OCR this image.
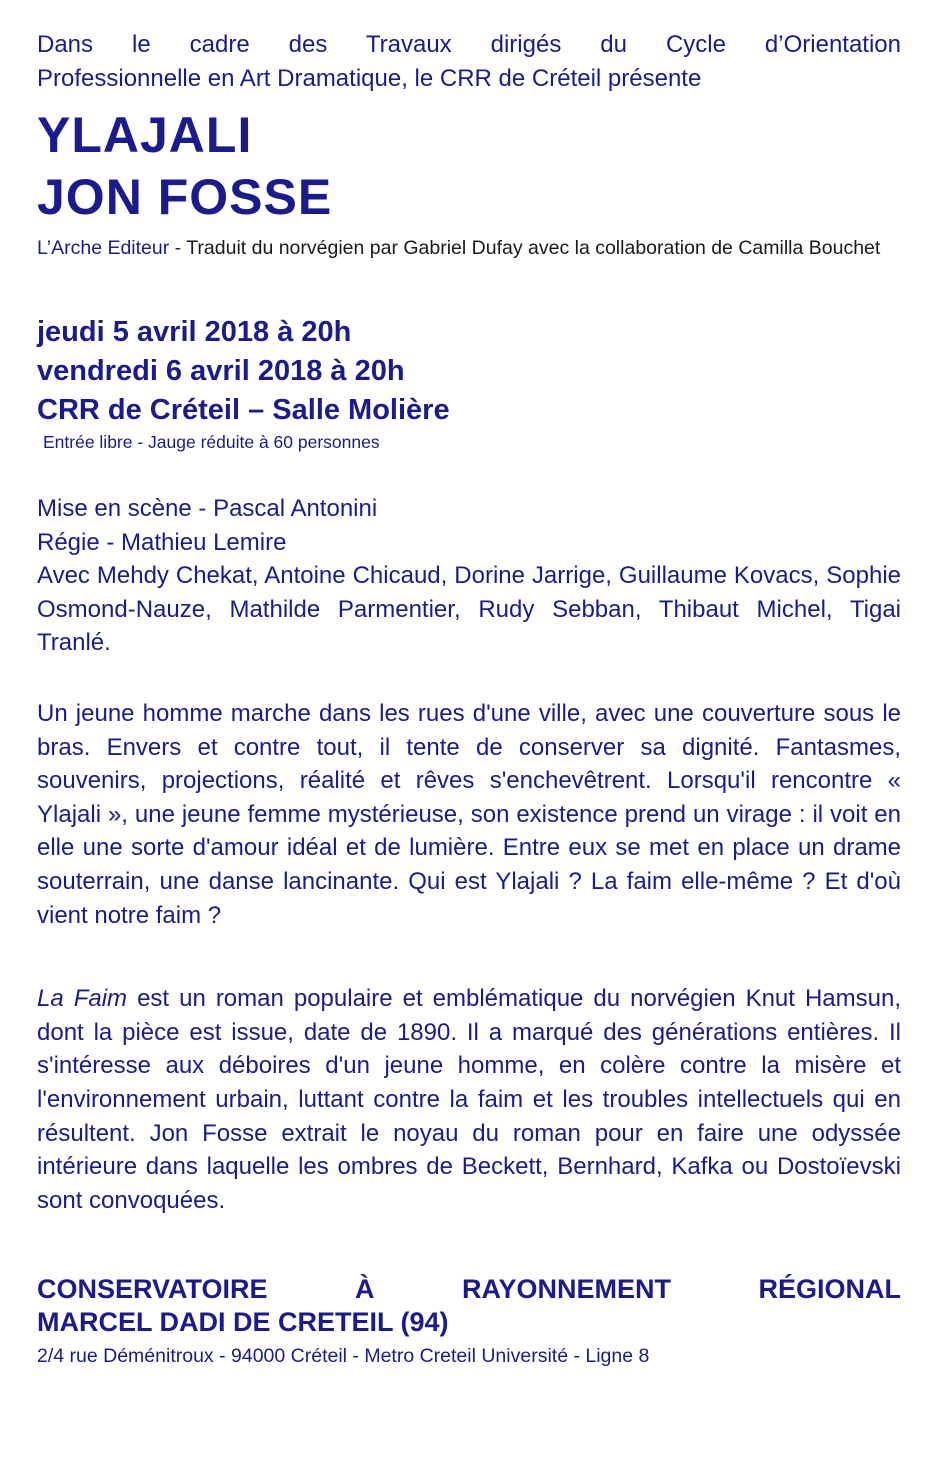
Dans le cadre des Travaux dirigés du Cycle d’Orientation
Professionnelle en Art Dramatique, le CRR de Créteil présente

YLAJALI
JON FOSSE

L’Arche Editeur - Traduit du norvégien par Gabriel Dufay avec la collaboration de Camilla Bouchet

jeudi 5 avril 2018 à 20h
vendredi 6 avril 2018 à 20h
CRR de Créteil – Salle Molière

Entrée libre - Jauge réduite à 60 personnes

Mise en scène - Pascal Antonini
Régie - Mathieu Lemire
Avec Mehdy Chekat, Antoine Chicaud, Dorine Jarrige, Guillaume Kovacs, Sophie Osmond-Nauze, Mathilde Parmentier, Rudy Sebban, Thibaut Michel, Tigai Tranlé.

Un jeune homme marche dans les rues d'une ville, avec une couverture sous le bras. Envers et contre tout, il tente de conserver sa dignité. Fantasmes, souvenirs, projections, réalité et rêves s'enchevêtrent. Lorsqu'il rencontre « Ylajali », une jeune femme mystérieuse, son existence prend un virage : il voit en elle une sorte d'amour idéal et de lumière. Entre eux se met en place un drame souterrain, une danse lancinante. Qui est Ylajali ? La faim elle-même ? Et d'où vient notre faim ?

La Faim est un roman populaire et emblématique du norvégien Knut Hamsun, dont la pièce est issue, date de 1890. Il a marqué des générations entières. Il s'intéresse aux déboires d'un jeune homme, en colère contre la misère et l'environnement urbain, luttant contre la faim et les troubles intellectuels qui en résultent. Jon Fosse extrait le noyau du roman pour en faire une odyssée intérieure dans laquelle les ombres de Beckett, Bernhard, Kafka ou Dostoïevski sont convoquées.

CONSERVATOIRE À RAYONNEMENT RÉGIONAL
MARCEL DADI DE CRETEIL (94)

2/4 rue Déménitroux - 94000 Créteil - Metro Creteil Université - Ligne 8
